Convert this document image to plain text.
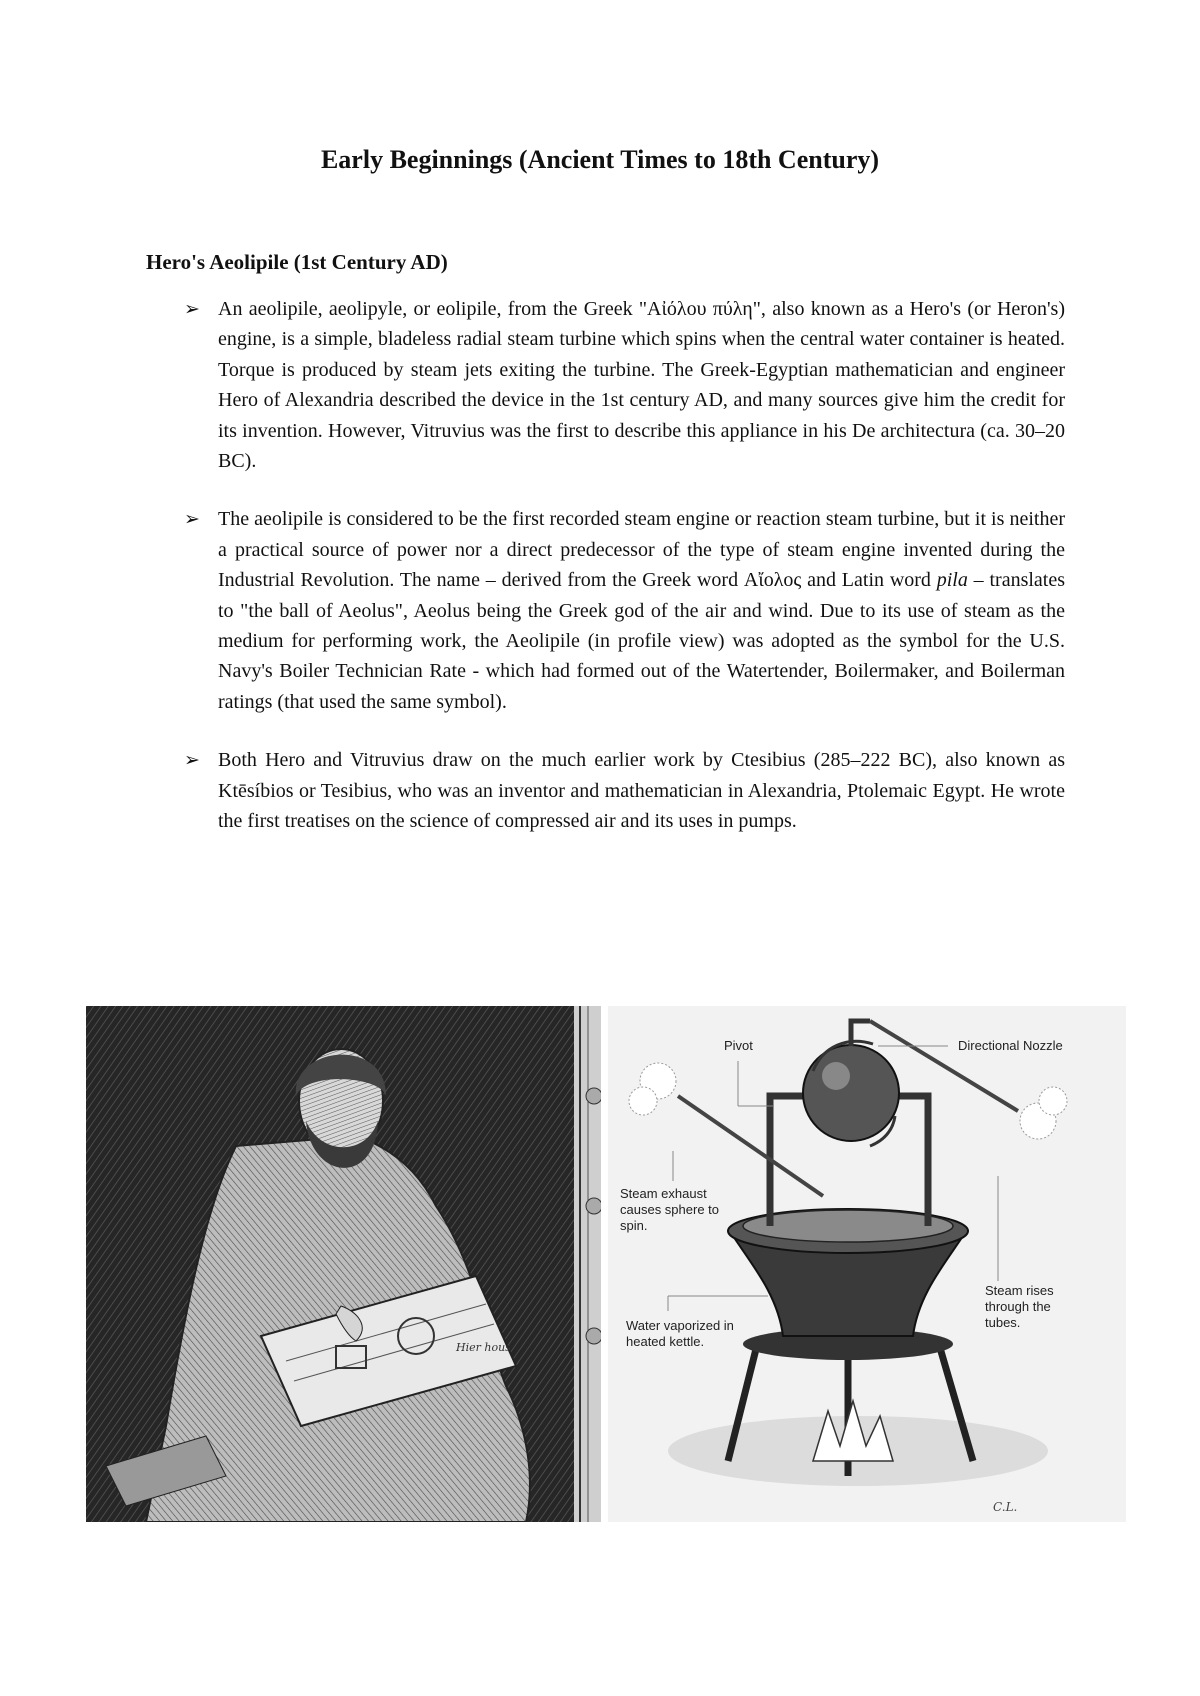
Early Beginnings (Ancient Times to 18th Century)
Hero's Aeolipile (1st Century AD)
➢ An aeolipile, aeolipyle, or eolipile, from the Greek "Αἰόλου πύλη", also known as a Hero's (or Heron's) engine, is a simple, bladeless radial steam turbine which spins when the central water container is heated. Torque is produced by steam jets exiting the turbine. The Greek-Egyptian mathematician and engineer Hero of Alexandria described the device in the 1st century AD, and many sources give him the credit for its invention. However, Vitruvius was the first to describe this appliance in his De architectura (ca. 30–20 BC).
➢ The aeolipile is considered to be the first recorded steam engine or reaction steam turbine, but it is neither a practical source of power nor a direct predecessor of the type of steam engine invented during the Industrial Revolution. The name – derived from the Greek word Αἴολος and Latin word pila – translates to "the ball of Aeolus", Aeolus being the Greek god of the air and wind. Due to its use of steam as the medium for performing work, the Aeolipile (in profile view) was adopted as the symbol for the U.S. Navy's Boiler Technician Rate - which had formed out of the Watertender, Boilermaker, and Boilerman ratings (that used the same symbol).
➢ Both Hero and Vitruvius draw on the much earlier work by Ctesibius (285–222 BC), also known as Ktēsíbios or Tesibius, who was an inventor and mathematician in Alexandria, Ptolemaic Egypt. He wrote the first treatises on the science of compressed air and its uses in pumps.
Hier hous
C.L.
Pivot	Directional Nozzle
Steam exhaust causes sphere to spin.
Steam rises through the tubes.
Water vaporized in heated kettle.
